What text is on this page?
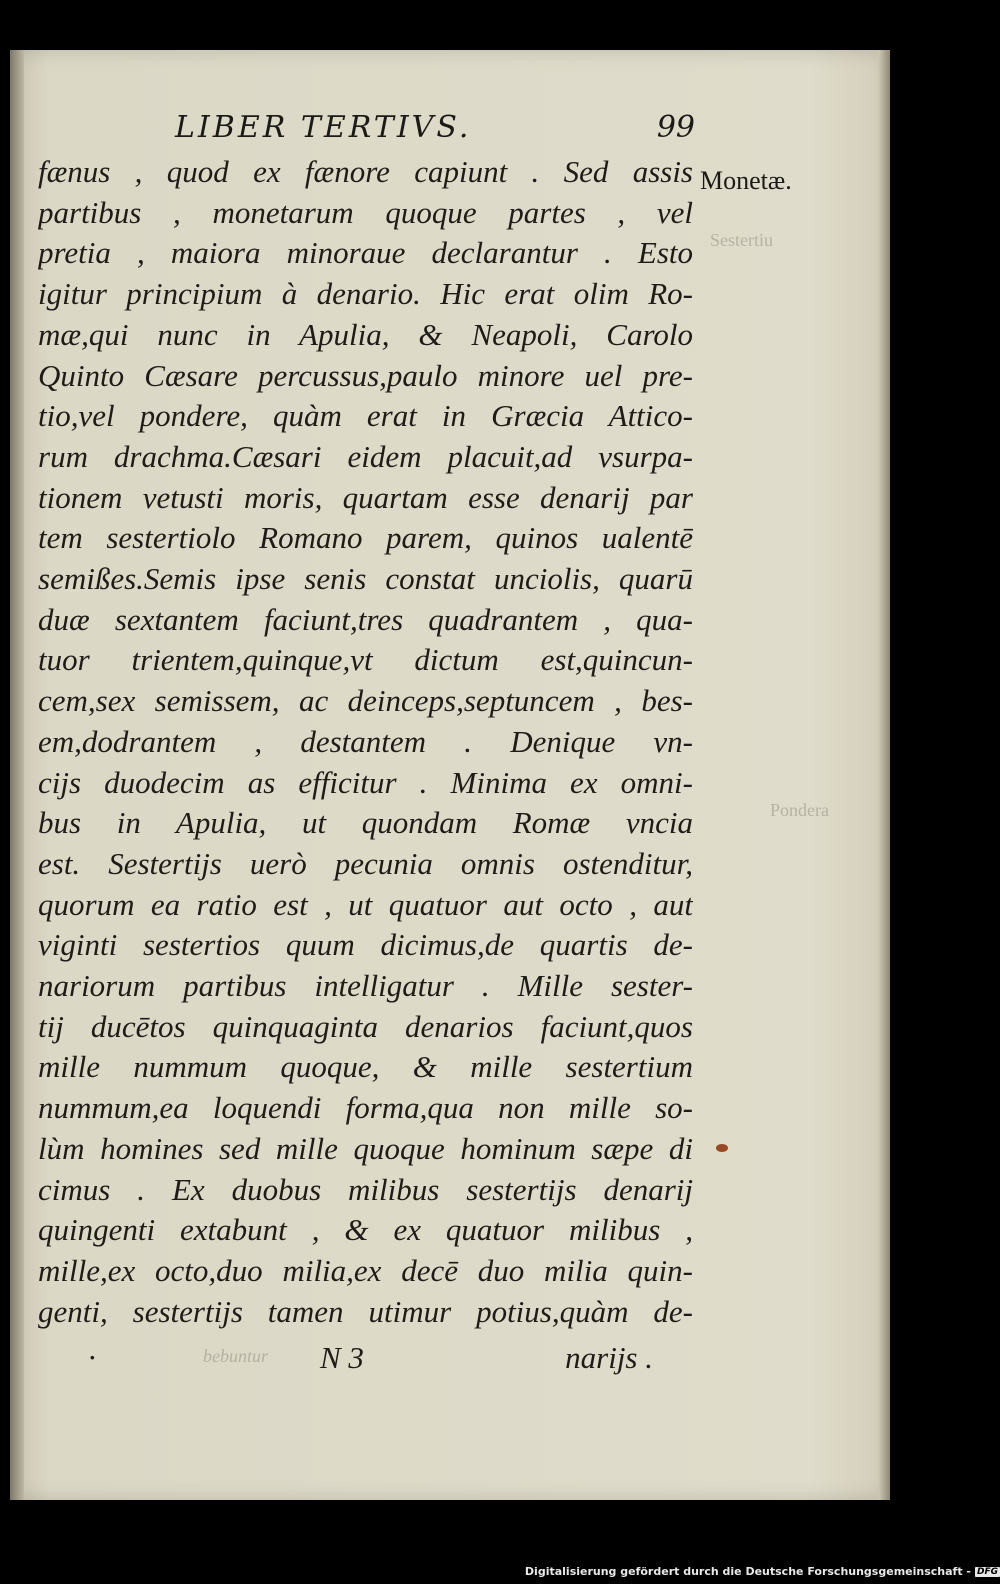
LIBER TERTIVS.	99
Monetæ.
Sestertiu
Pondera
fænus , quod ex fænore capiunt . Sed assis
partibus , monetarum quoque partes , vel
pretia , maiora minoraue declarantur . Esto
igitur principium à denario. Hic erat olim Ro-
mæ,qui nunc in Apulia, & Neapoli, Carolo
Quinto Cæsare percussus,paulo minore uel pre-
tio,vel pondere, quàm erat in Græcia Attico-
rum drachma.Cæsari eidem placuit,ad vsurpa-
tionem vetusti moris, quartam esse denarij par
tem sestertiolo Romano parem, quinos ualentē
semißes.Semis ipse senis constat unciolis, quarū
duæ sextantem faciunt,tres quadrantem , qua-
tuor trientem,quinque,vt dictum est,quincun-
cem,sex semissem, ac deinceps,septuncem , bes-
em,dodrantem , destantem . Denique vn-
cijs duodecim as efficitur . Minima ex omni-
bus in Apulia, ut quondam Romæ vncia
est. Sestertijs uerò pecunia omnis ostenditur,
quorum ea ratio est , ut quatuor aut octo , aut
viginti sestertios quum dicimus,de quartis de-
nariorum partibus intelligatur . Mille sester-
tij ducētos quinquaginta denarios faciunt,quos
mille nummum quoque, & mille sestertium
nummum,ea loquendi forma,qua non mille so-
lùm homines sed mille quoque hominum sæpe di
cimus . Ex duobus milibus sestertijs denarij
quingenti extabunt , & ex quatuor milibus ,
mille,ex octo,duo milia,ex decē duo milia quin-
genti, sestertijs tamen utimur potius,quàm de-
·	bebuntur N 3	narijs .
Digitalisierung gefördert durch die Deutsche Forschungsgemeinschaft - DFG
